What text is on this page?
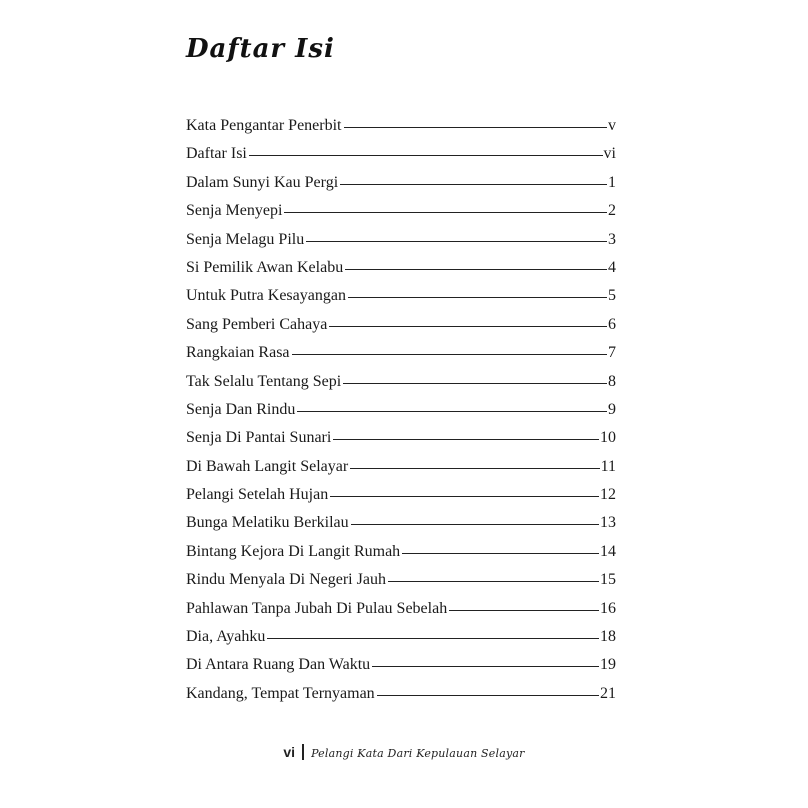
Daftar Isi
Kata Pengantar Penerbit	v
Daftar Isi	vi
Dalam Sunyi Kau Pergi	1
Senja Menyepi	2
Senja Melagu Pilu	3
Si Pemilik Awan Kelabu	4
Untuk Putra Kesayangan	5
Sang Pemberi Cahaya	6
Rangkaian Rasa	7
Tak Selalu Tentang Sepi	8
Senja Dan Rindu	9
Senja Di Pantai Sunari	10
Di Bawah Langit Selayar	11
Pelangi Setelah Hujan	12
Bunga Melatiku Berkilau	13
Bintang Kejora Di Langit Rumah	14
Rindu Menyala Di Negeri Jauh	15
Pahlawan Tanpa Jubah Di Pulau Sebelah	16
Dia, Ayahku	18
Di Antara Ruang Dan Waktu	19
Kandang, Tempat Ternyaman	21
vi Pelangi Kata Dari Kepulauan Selayar
